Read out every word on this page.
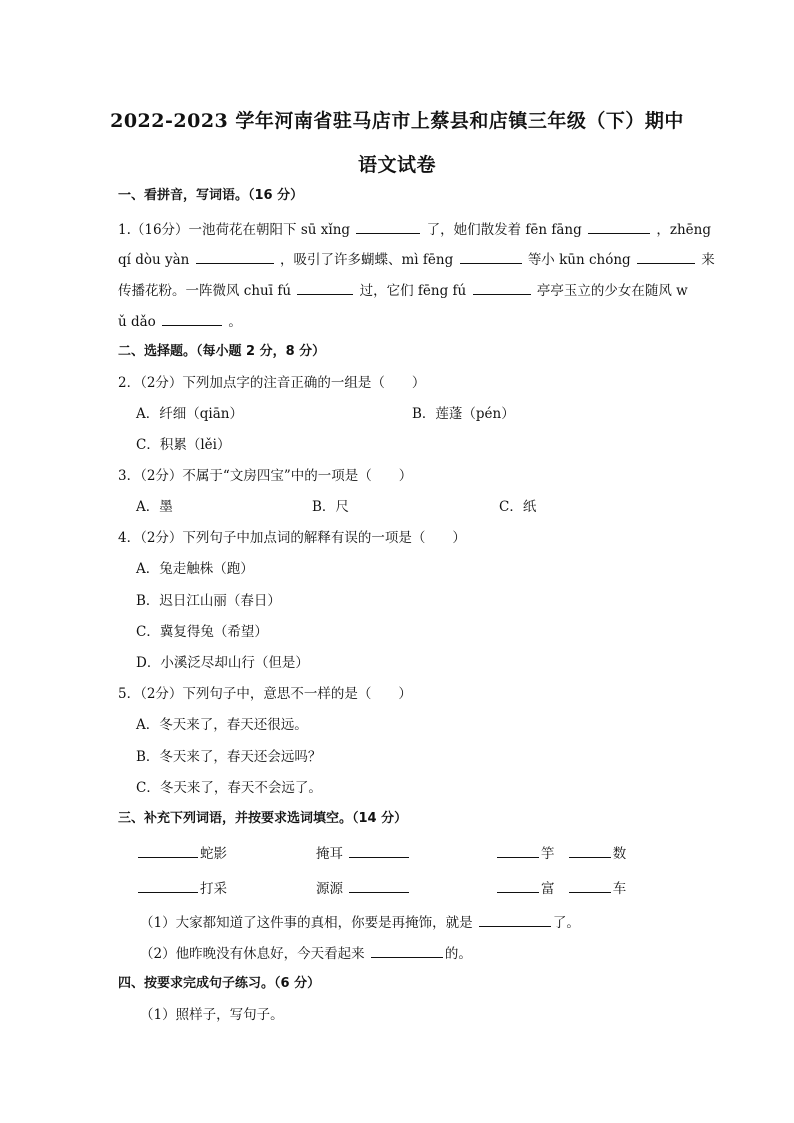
2022-2023 学年河南省驻马店市上蔡县和店镇三年级（下）期中
语文试卷
一、看拼音，写词语。（16 分）
1.（16分）一池荷花在朝阳下 sū xǐng	了，她们散发着 fēn fāng	，zhēng
qí dòu yàn	，吸引了许多蝴蝶、mì fēng	等小 kūn chóng	来
传播花粉。一阵微风 chuī fú	过，它们 fēng fú	亭亭玉立的少女在随风 w
ǔ dǎo	。
二、选择题。（每小题 2 分，8 分）
2．（2分）下列加点字的注音正确的一组是（　　）
A．纤细（qiān）	B．莲蓬（pén）
C．积累（lěi）
3．（2分）不属于“文房四宝”中的一项是（　　）
A．墨	B．尺	C．纸
4．（2分）下列句子中加点词的解释有误的一项是（　　）
A．兔走触株（跑）
B．迟日江山丽（春日）
C．冀复得兔（希望）
D．小溪泛尽却山行（但是）
5．（2分）下列句子中，意思不一样的是（　　）
A．冬天来了，春天还很远。
B．冬天来了，春天还会远吗？
C．冬天来了，春天不会远了。
三、补充下列词语，并按要求选词填空。（14 分）
蛇影	掩耳	竽	数
打采	源源	富	车
（1）大家都知道了这件事的真相，你要是再掩饰，就是	了。
（2）他昨晚没有休息好，今天看起来	的。
四、按要求完成句子练习。（6 分）
（1）照样子，写句子。
